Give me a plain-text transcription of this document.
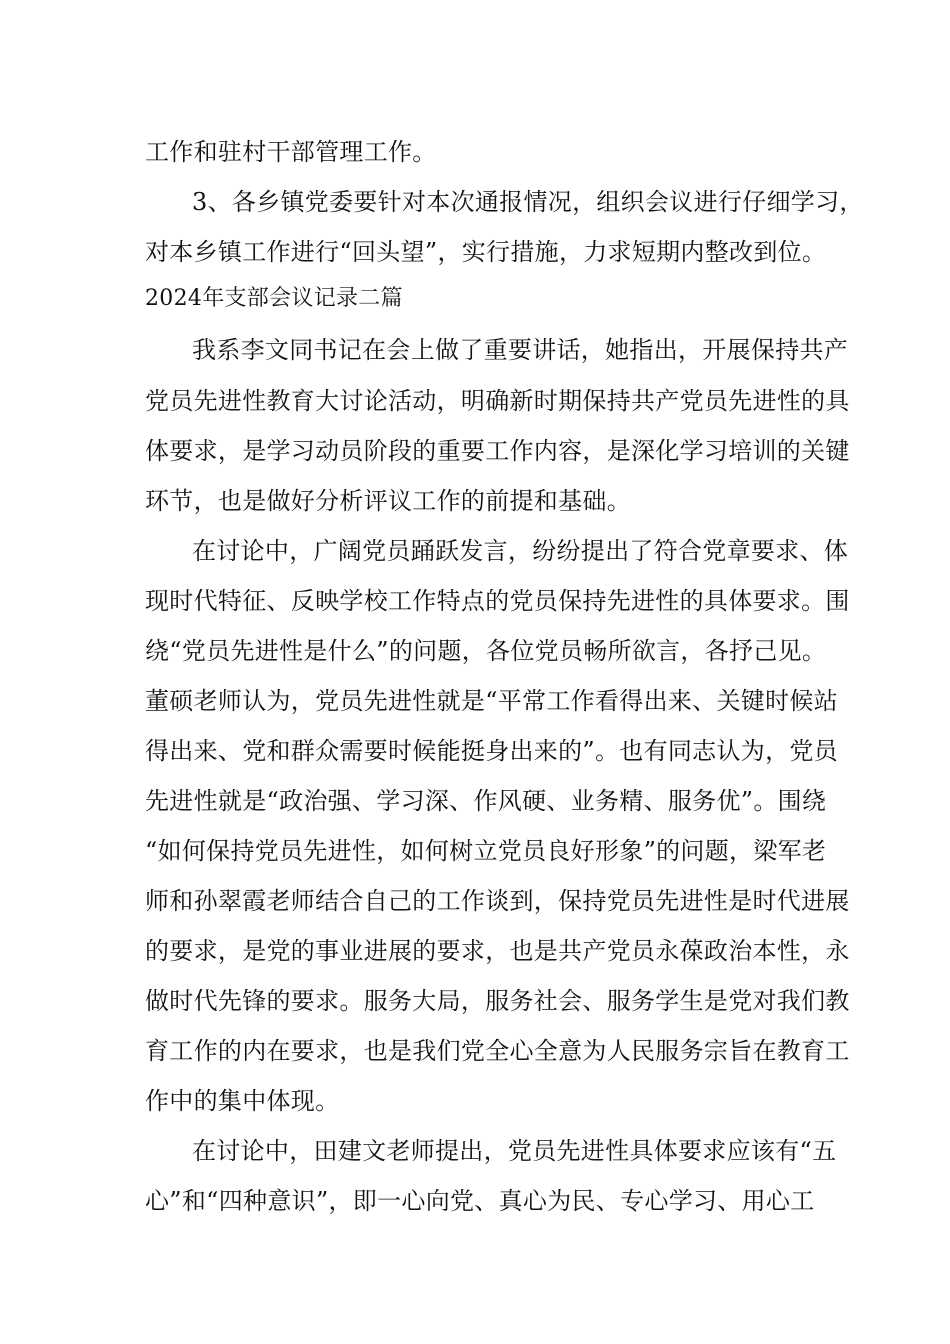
工作和驻村干部管理工作。
3、各乡镇党委要针对本次通报情况，组织会议进行仔细学习，
对本乡镇工作进行“回头望”，实行措施，力求短期内整改到位。
2024年支部会议记录二篇
我系李文同书记在会上做了重要讲话，她指出，开展保持共产
党员先进性教育大讨论活动，明确新时期保持共产党员先进性的具
体要求，是学习动员阶段的重要工作内容，是深化学习培训的关键
环节，也是做好分析评议工作的前提和基础。
在讨论中，广阔党员踊跃发言，纷纷提出了符合党章要求、体
现时代特征、反映学校工作特点的党员保持先进性的具体要求。围
绕“党员先进性是什么”的问题，各位党员畅所欲言，各抒己见。
董硕老师认为，党员先进性就是“平常工作看得出来、关键时候站
得出来、党和群众需要时候能挺身出来的”。也有同志认为，党员
先进性就是“政治强、学习深、作风硬、业务精、服务优”。围绕
“如何保持党员先进性，如何树立党员良好形象”的问题，梁军老
师和孙翠霞老师结合自己的工作谈到，保持党员先进性是时代进展
的要求，是党的事业进展的要求，也是共产党员永葆政治本性，永
做时代先锋的要求。服务大局，服务社会、服务学生是党对我们教
育工作的内在要求，也是我们党全心全意为人民服务宗旨在教育工
作中的集中体现。
在讨论中，田建文老师提出，党员先进性具体要求应该有“五
心”和“四种意识”，即一心向党、真心为民、专心学习、用心工
